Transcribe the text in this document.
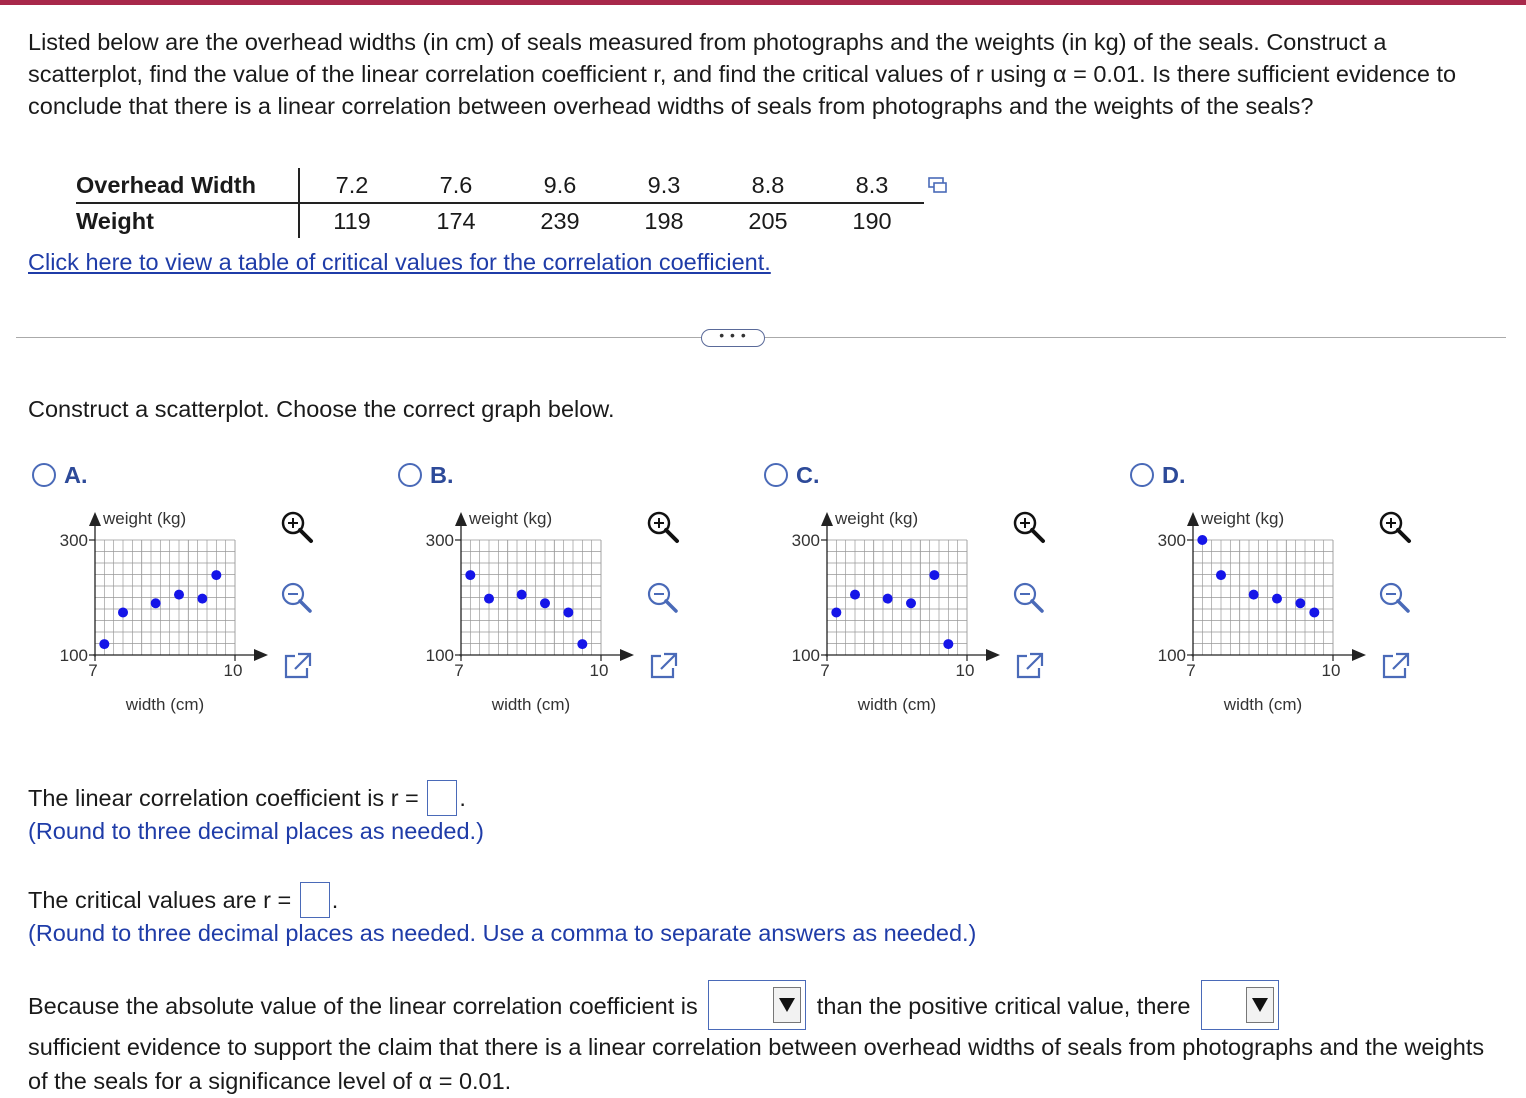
Listed below are the overhead widths (in cm) of seals measured from photographs and the weights (in kg) of the seals. Construct a scatterplot, find the value of the linear correlation coefficient r, and find the critical values of r using α = 0.01. Is there sufficient evidence to conclude that there is a linear correlation between overhead widths of seals from photographs and the weights of the seals?
Overhead Width	7.2	7.6	9.6	9.3	8.8	8.3
Weight	119	174	239	198	205	190
Click here to view a table of critical values for the correlation coefficient.
• • •
Construct a scatterplot. Choose the correct graph below.
A.	B.	C.	D.
300
100
7	10
weight (kg)
width (cm)
300
100
7	10
weight (kg)
width (cm)
300
100
7	10
weight (kg)
width (cm)
300
100
7	10
weight (kg)
width (cm)
The linear correlation coefficient is r = .
(Round to three decimal places as needed.)
The critical values are r = .
(Round to three decimal places as needed. Use a comma to separate answers as needed.)
Because the absolute value of the linear correlation coefficient is	than the positive critical value, there

sufficient evidence to support the claim that there is a linear correlation between overhead widths of seals from photographs and the weights of the seals for a significance level of α = 0.01.
